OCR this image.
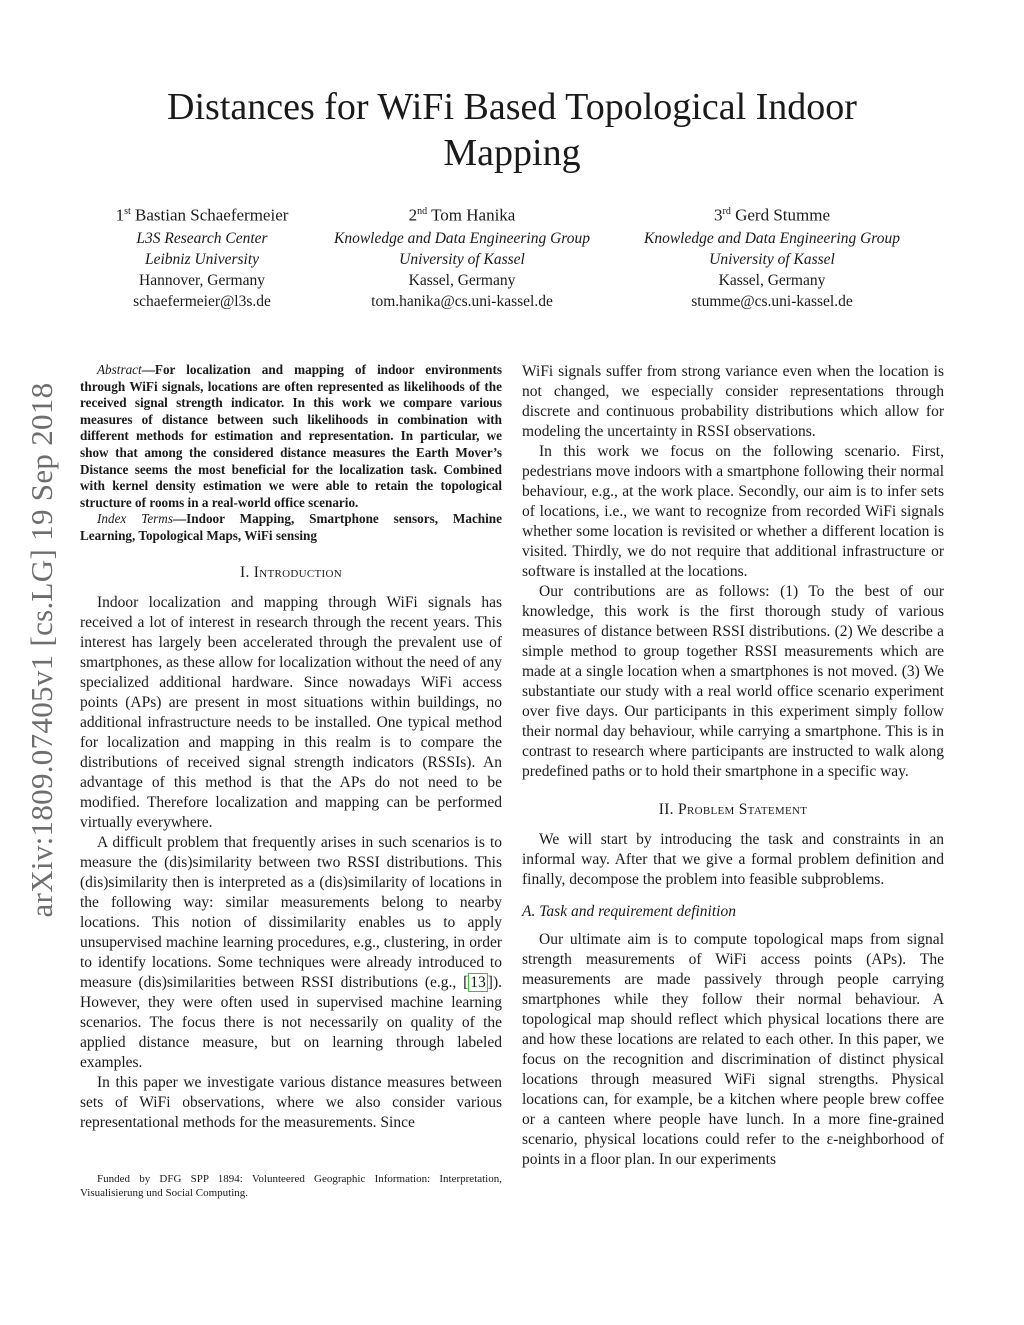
arXiv:1809.07405v1 [cs.LG] 19 Sep 2018
Distances for WiFi Based Topological Indoor Mapping
1st Bastian Schaefermeier
L3S Research Center
Leibniz University
Hannover, Germany
schaefermeier@l3s.de
2nd Tom Hanika
Knowledge and Data Engineering Group
University of Kassel
Kassel, Germany
tom.hanika@cs.uni-kassel.de
3rd Gerd Stumme
Knowledge and Data Engineering Group
University of Kassel
Kassel, Germany
stumme@cs.uni-kassel.de

Abstract—For localization and mapping of indoor environments through WiFi signals, locations are often represented as likelihoods of the received signal strength indicator. In this work we compare various measures of distance between such likelihoods in combination with different methods for estimation and representation. In particular, we show that among the considered distance measures the Earth Mover’s Distance seems the most beneficial for the localization task. Combined with kernel density estimation we were able to retain the topological structure of rooms in a real-world office scenario.

Index Terms—Indoor Mapping, Smartphone sensors, Machine Learning, Topological Maps, WiFi sensing

I. Introduction

Indoor localization and mapping through WiFi signals has received a lot of interest in research through the recent years. This interest has largely been accelerated through the prevalent use of smartphones, as these allow for localization without the need of any specialized additional hardware. Since nowadays WiFi access points (APs) are present in most situations within buildings, no additional infrastructure needs to be installed. One typical method for localization and mapping in this realm is to compare the distributions of received signal strength indicators (RSSIs). An advantage of this method is that the APs do not need to be modified. Therefore localization and mapping can be performed virtually everywhere.

A difficult problem that frequently arises in such scenarios is to measure the (dis)similarity between two RSSI distributions. This (dis)similarity then is interpreted as a (dis)similarity of locations in the following way: similar measurements belong to nearby locations. This notion of dissimilarity enables us to apply unsupervised machine learning procedures, e.g., clustering, in order to identify locations. Some techniques were already introduced to measure (dis)similarities between RSSI distributions (e.g., [ 13 ]). However, they were often used in supervised machine learning scenarios. The focus there is not necessarily on quality of the applied distance measure, but on learning through labeled examples.

In this paper we investigate various distance measures between sets of WiFi observations, where we also consider various representational methods for the measurements. Since

Funded by DFG SPP 1894: Volunteered Geographic Information: Interpretation, Visualisierung und Social Computing.

WiFi signals suffer from strong variance even when the location is not changed, we especially consider representations through discrete and continuous probability distributions which allow for modeling the uncertainty in RSSI observations.

In this work we focus on the following scenario. First, pedestrians move indoors with a smartphone following their normal behaviour, e.g., at the work place. Secondly, our aim is to infer sets of locations, i.e., we want to recognize from recorded WiFi signals whether some location is revisited or whether a different location is visited. Thirdly, we do not require that additional infrastructure or software is installed at the locations.

Our contributions are as follows: (1) To the best of our knowledge, this work is the first thorough study of various measures of distance between RSSI distributions. (2) We describe a simple method to group together RSSI measurements which are made at a single location when a smartphones is not moved. (3) We substantiate our study with a real world office scenario experiment over five days. Our participants in this experiment simply follow their normal day behaviour, while carrying a smartphone. This is in contrast to research where participants are instructed to walk along predefined paths or to hold their smartphone in a specific way.

II. Problem Statement

We will start by introducing the task and constraints in an informal way. After that we give a formal problem definition and finally, decompose the problem into feasible subproblems.

A. Task and requirement definition

Our ultimate aim is to compute topological maps from signal strength measurements of WiFi access points (APs). The measurements are made passively through people carrying smartphones while they follow their normal behaviour. A topological map should reflect which physical locations there are and how these locations are related to each other. In this paper, we focus on the recognition and discrimination of distinct physical locations through measured WiFi signal strengths. Physical locations can, for example, be a kitchen where people brew coffee or a canteen where people have lunch. In a more fine-grained scenario, physical locations could refer to the ε-neighborhood of points in a floor plan. In our experiments
